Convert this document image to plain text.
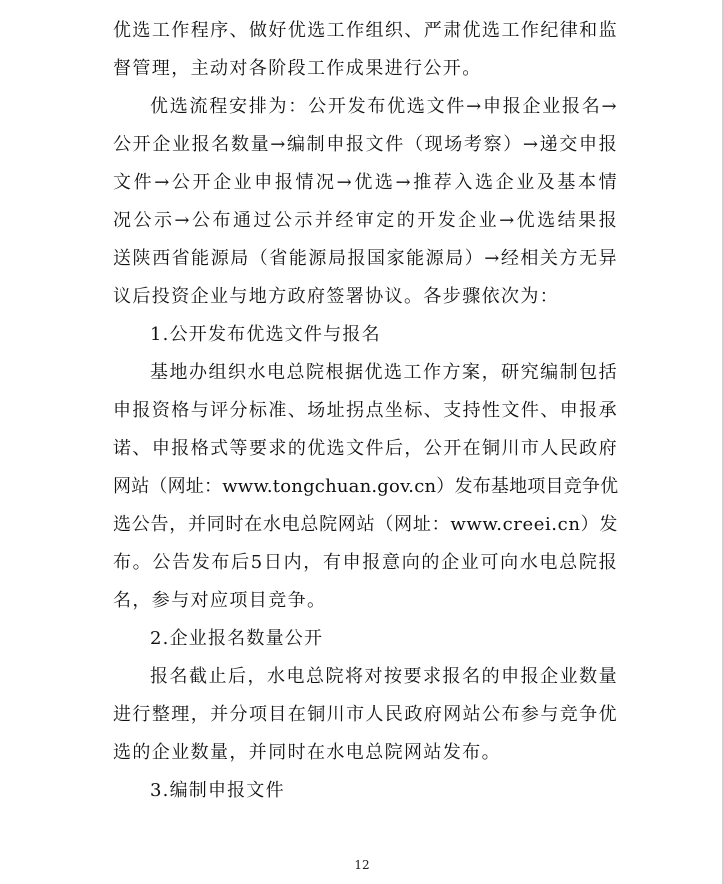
优选工作程序、做好优选工作组织、严肃优选工作纪律和监
督管理，主动对各阶段工作成果进行公开。
优选流程安排为：公开发布优选文件→申报企业报名→
公开企业报名数量→编制申报文件（现场考察）→递交申报
文件→公开企业申报情况→优选→推荐入选企业及基本情
况公示→公布通过公示并经审定的开发企业→优选结果报
送陕西省能源局（省能源局报国家能源局）→经相关方无异
议后投资企业与地方政府签署协议。各步骤依次为：
1.公开发布优选文件与报名
基地办组织水电总院根据优选工作方案，研究编制包括
申报资格与评分标准、场址拐点坐标、支持性文件、申报承
诺、申报格式等要求的优选文件后，公开在铜川市人民政府
网站（网址：www.tongchuan.gov.cn）发布基地项目竞争优
选公告，并同时在水电总院网站（网址：www.creei.cn）发
布。公告发布后5日内，有申报意向的企业可向水电总院报
名，参与对应项目竞争。
2.企业报名数量公开
报名截止后，水电总院将对按要求报名的申报企业数量
进行整理，并分项目在铜川市人民政府网站公布参与竞争优
选的企业数量，并同时在水电总院网站发布。
3.编制申报文件
12
